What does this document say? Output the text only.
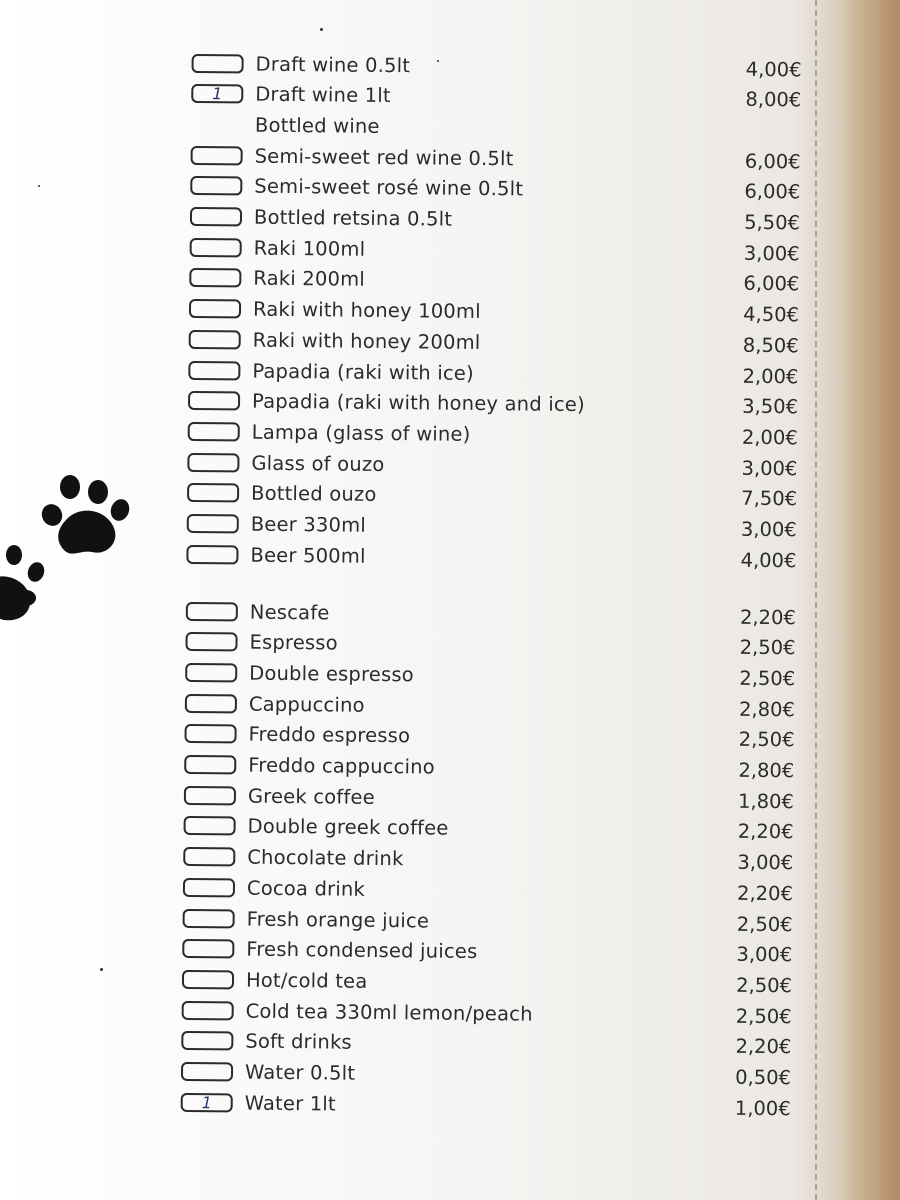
Draft wine 0.5lt	4,00€
1	Draft wine 1lt	8,00€
Bottled wine
Semi-sweet red wine 0.5lt	6,00€
Semi-sweet rosé wine 0.5lt	6,00€
Bottled retsina 0.5lt	5,50€
Raki 100ml	3,00€
Raki 200ml	6,00€
Raki with honey 100ml	4,50€
Raki with honey 200ml	8,50€
Papadia (raki with ice)	2,00€
Papadia (raki with honey and ice)	3,50€
Lampa (glass of wine)	2,00€
Glass of ouzo	3,00€
Bottled ouzo	7,50€
Beer 330ml	3,00€
Beer 500ml	4,00€
Nescafe	2,20€
Espresso	2,50€
Double espresso	2,50€
Cappuccino	2,80€
Freddo espresso	2,50€
Freddo cappuccino	2,80€
Greek coffee	1,80€
Double greek coffee	2,20€
Chocolate drink	3,00€
Cocoa drink	2,20€
Fresh orange juice	2,50€
Fresh condensed juices	3,00€
Hot/cold tea	2,50€
Cold tea 330ml lemon/peach	2,50€
Soft drinks	2,20€
Water 0.5lt	0,50€
1	Water 1lt	1,00€
